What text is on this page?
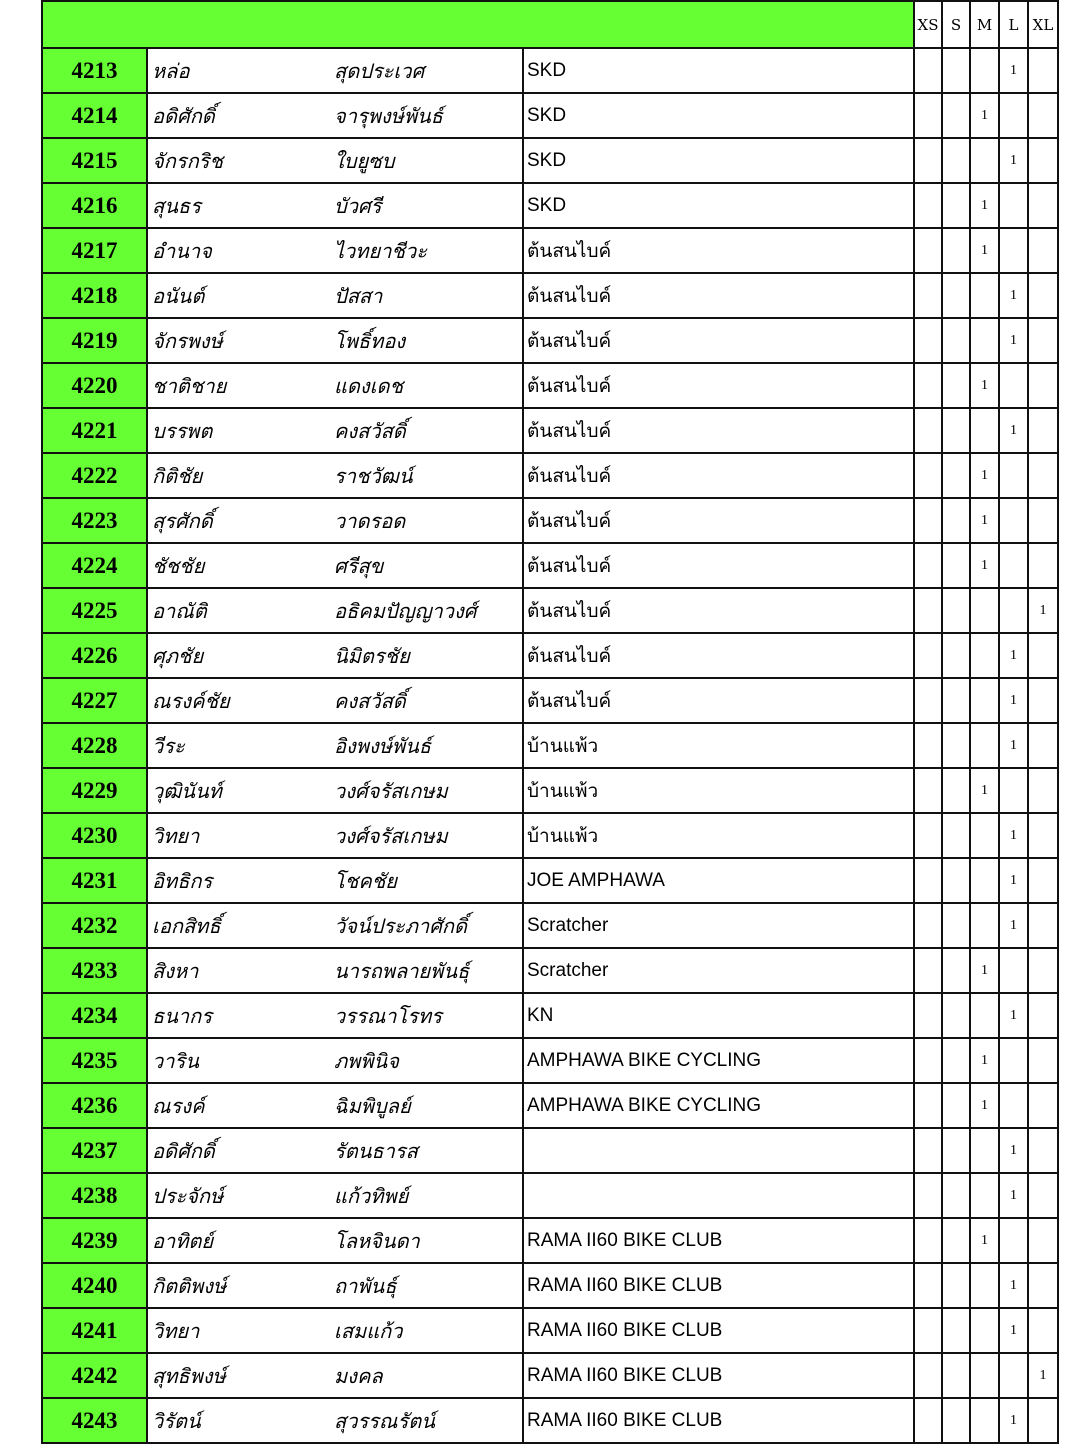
				XS	S	M	L	XL
4213	หล่อ	สุดประเวศ	SKD				1	
4214	อดิศักดิ์	จารุพงษ์พันธ์	SKD			1		
4215	จักรกริช	ใบยูซบ	SKD				1	
4216	สุนธร	บัวศรี	SKD			1		
4217	อำนาจ	ไวทยาชีวะ	ต้นสนไบค์			1		
4218	อนันต์	ปัสสา	ต้นสนไบค์				1	
4219	จักรพงษ์	โพธิ์ทอง	ต้นสนไบค์				1	
4220	ชาติชาย	แดงเดช	ต้นสนไบค์			1		
4221	บรรพต	คงสวัสดิ์	ต้นสนไบค์				1	
4222	กิติชัย	ราชวัฒน์	ต้นสนไบค์			1		
4223	สุรศักดิ์	วาดรอด	ต้นสนไบค์			1		
4224	ชัชชัย	ศรีสุข	ต้นสนไบค์			1		
4225	อาณัติ	อธิคมปัญญาวงศ์	ต้นสนไบค์					1
4226	ศุภชัย	นิมิตรชัย	ต้นสนไบค์				1	
4227	ณรงค์ชัย	คงสวัสดิ์	ต้นสนไบค์				1	
4228	วีระ	อิงพงษ์พันธ์	บ้านแพ้ว				1	
4229	วุฒินันท์	วงศ์จรัสเกษม	บ้านแพ้ว			1		
4230	วิทยา	วงศ์จรัสเกษม	บ้านแพ้ว				1	
4231	อิทธิกร	โชคชัย	JOE AMPHAWA				1	
4232	เอกสิทธิ์	วัจน์ประภาศักดิ์	Scratcher				1	
4233	สิงหา	นารถพลายพันธุ์	Scratcher			1		
4234	ธนากร	วรรณาโรทร	KN				1	
4235	วาริน	ภพพินิจ	AMPHAWA BIKE CYCLING			1		
4236	ณรงค์	ฉิมพิบูลย์	AMPHAWA BIKE CYCLING			1		
4237	อดิศักดิ์	รัตนธารส					1	
4238	ประจักษ์	แก้วทิพย์					1	
4239	อาทิตย์	โลหจินดา	RAMA II60 BIKE CLUB			1		
4240	กิตติพงษ์	ถาพันธุ์	RAMA II60 BIKE CLUB				1	
4241	วิทยา	เสมแก้ว	RAMA II60 BIKE CLUB				1	
4242	สุทธิพงษ์	มงคล	RAMA II60 BIKE CLUB					1
4243	วิรัตน์	สุวรรณรัตน์	RAMA II60 BIKE CLUB				1	
